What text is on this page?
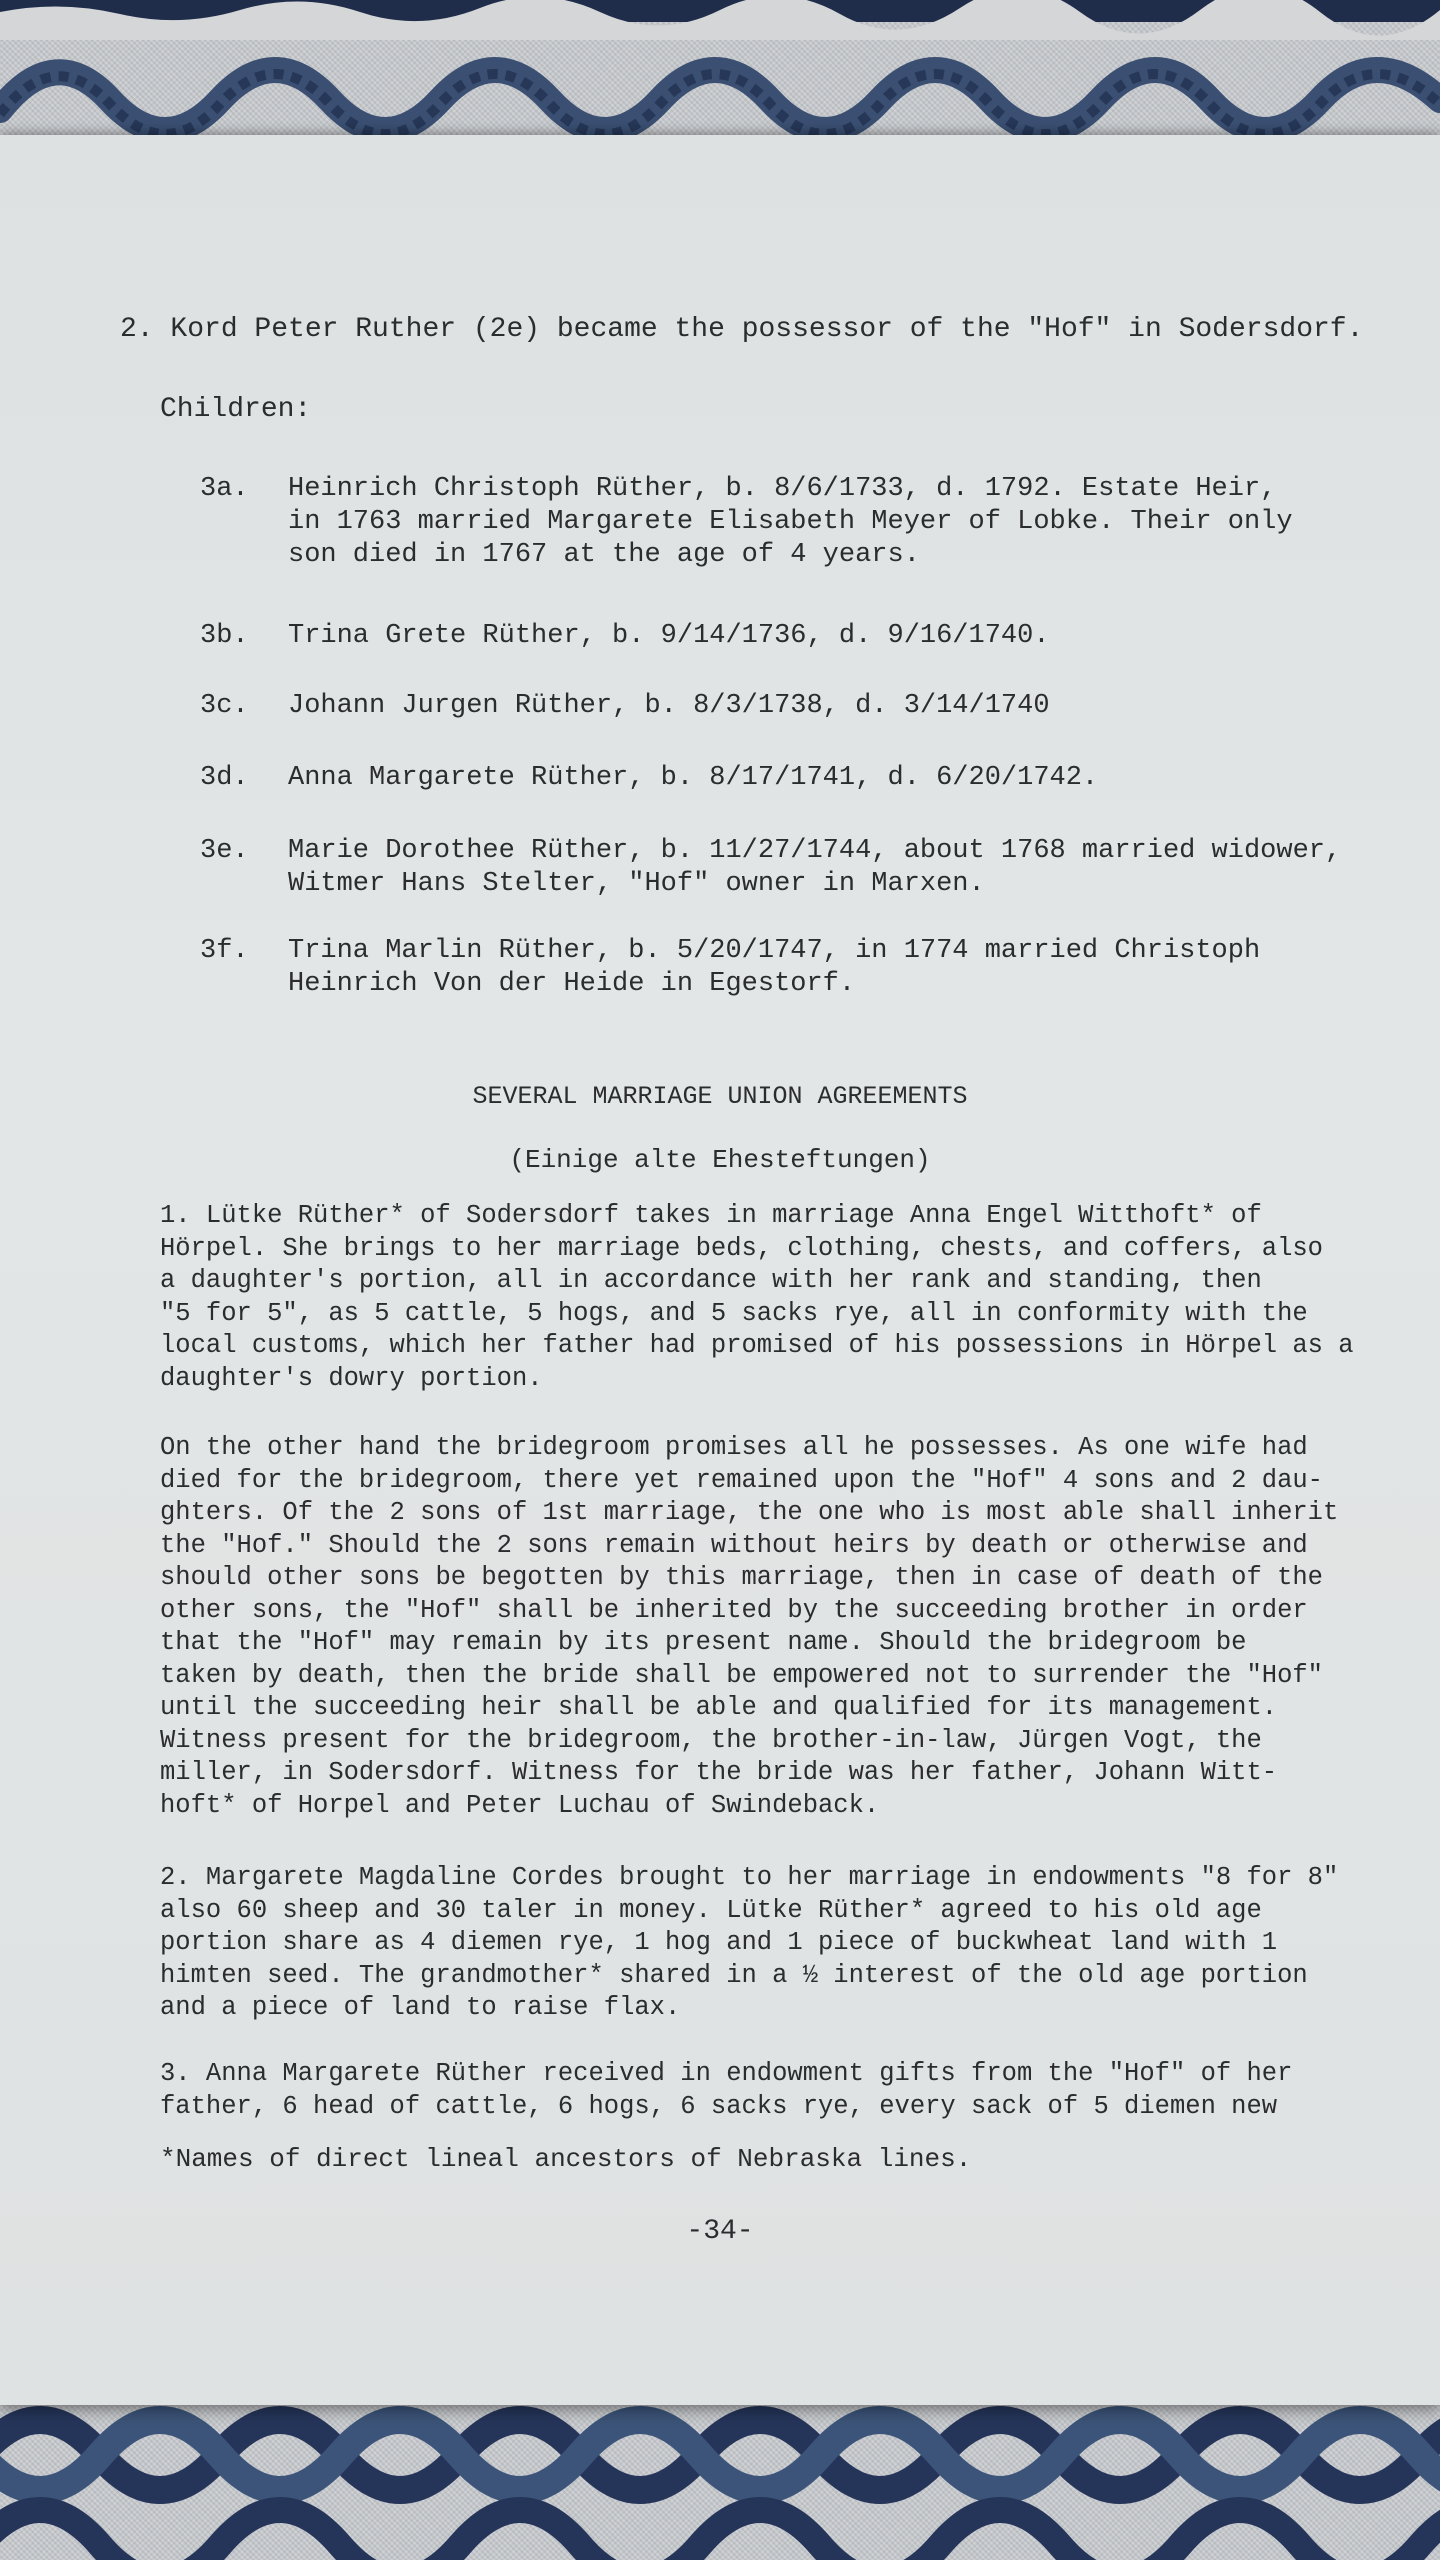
2. Kord Peter Ruther (2e) became the possessor of the "Hof" in Sodersdorf.
Children:
3a.	Heinrich Christoph Rüther, b. 8/6/1733, d. 1792. Estate Heir,
in 1763 married Margarete Elisabeth Meyer of Lobke. Their only
son died in 1767 at the age of 4 years.
3b.	Trina Grete Rüther, b. 9/14/1736, d. 9/16/1740.
3c.	Johann Jurgen Rüther, b. 8/3/1738, d. 3/14/1740
3d.	Anna Margarete Rüther, b. 8/17/1741, d. 6/20/1742.
3e.	Marie Dorothee Rüther, b. 11/27/1744, about 1768 married widower,
Witmer Hans Stelter, "Hof" owner in Marxen.
3f.	Trina Marlin Rüther, b. 5/20/1747, in 1774 married Christoph
Heinrich Von der Heide in Egestorf.
SEVERAL MARRIAGE UNION AGREEMENTS
(Einige alte Ehesteftungen)
1. Lütke Rüther* of Sodersdorf takes in marriage Anna Engel Witthoft* of
Hörpel. She brings to her marriage beds, clothing, chests, and coffers, also
a daughter's portion, all in accordance with her rank and standing, then
"5 for 5", as 5 cattle, 5 hogs, and 5 sacks rye, all in conformity with the
local customs, which her father had promised of his possessions in Hörpel as a
daughter's dowry portion.
On the other hand the bridegroom promises all he possesses. As one wife had
died for the bridegroom, there yet remained upon the "Hof" 4 sons and 2 dau-
ghters. Of the 2 sons of 1st marriage, the one who is most able shall inherit
the "Hof." Should the 2 sons remain without heirs by death or otherwise and
should other sons be begotten by this marriage, then in case of death of the
other sons, the "Hof" shall be inherited by the succeeding brother in order
that the "Hof" may remain by its present name. Should the bridegroom be
taken by death, then the bride shall be empowered not to surrender the "Hof"
until the succeeding heir shall be able and qualified for its management.
Witness present for the bridegroom, the brother-in-law, Jürgen Vogt, the
miller, in Sodersdorf. Witness for the bride was her father, Johann Witt-
hoft* of Horpel and Peter Luchau of Swindeback.
2. Margarete Magdaline Cordes brought to her marriage in endowments "8 for 8"
also 60 sheep and 30 taler in money. Lütke Rüther* agreed to his old age
portion share as 4 diemen rye, 1 hog and 1 piece of buckwheat land with 1
himten seed. The grandmother* shared in a ½ interest of the old age portion
and a piece of land to raise flax.
3. Anna Margarete Rüther received in endowment gifts from the "Hof" of her
father, 6 head of cattle, 6 hogs, 6 sacks rye, every sack of 5 diemen new
*Names of direct lineal ancestors of Nebraska lines.
-34-
